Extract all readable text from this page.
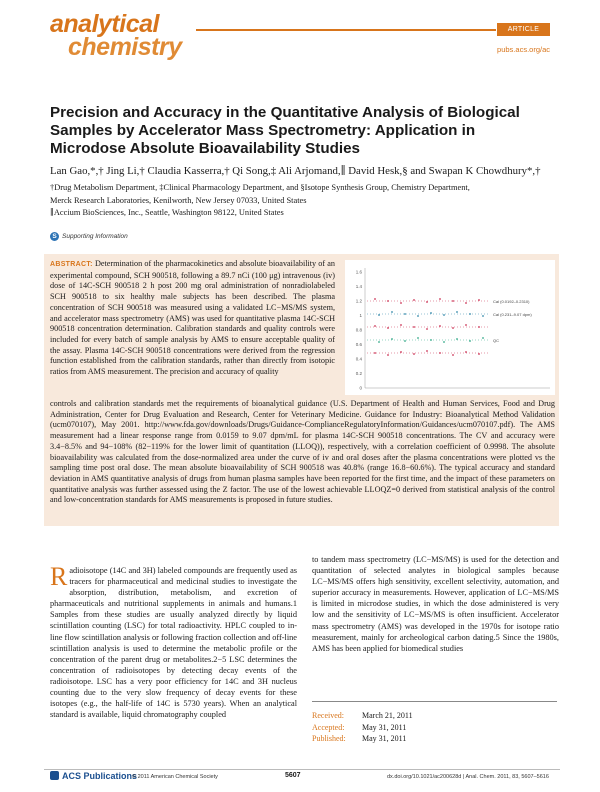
analytical
chemistry
ARTICLE
pubs.acs.org/ac
Precision and Accuracy in the Quantitative Analysis of Biological Samples by Accelerator Mass Spectrometry: Application in Microdose Absolute Bioavailability Studies
Lan Gao,*,† Jing Li,† Claudia Kasserra,† Qi Song,‡ Ali Arjomand,∥ David Hesk,§ and Swapan K Chowdhury*,†
†Drug Metabolism Department, ‡Clinical Pharmacology Department, and §Isotope Synthesis Group, Chemistry Department,
Merck Research Laboratories, Kenilworth, New Jersey 07033, United States
∥Accium BioSciences, Inc., Seattle, Washington 98122, United States
S Supporting Information
ABSTRACT: Determination of the pharmacokinetics and absolute bioavailability of an experimental compound, SCH 900518, following a 89.7 nCi (100 μg) intravenous (iv) dose of 14C-SCH 900518 2 h post 200 mg oral administration of nonradiolabeled SCH 900518 to six healthy male subjects has been described. The plasma concentration of SCH 900518 was measured using a validated LC−MS/MS system, and accelerator mass spectrometry (AMS) was used for quantitative plasma 14C-SCH 900518 concentration determination. Calibration standards and quality controls were included for every batch of sample analysis by AMS to ensure acceptable quality of the assay. Plasma 14C-SCH 900518 concentrations were derived from the regression function established from the calibration standards, rather than directly from isotopic ratios from AMS measurement. The precision and accuracy of quality
controls and calibration standards met the requirements of bioanalytical guidance (U.S. Department of Health and Human Services, Food and Drug Administration, Center for Drug Evaluation and Research, Center for Veterinary Medicine. Guidance for Industry: Bioanalytical Method Validation (ucm070107), May 2001. http://www.fda.gov/downloads/Drugs/Guidance-ComplianceRegulatoryInformation/Guidances/ucm070107.pdf). The AMS measurement had a linear response range from 0.0159 to 9.07 dpm/mL for plasma 14C-SCH 900518 concentrations. The CV and accuracy were 3.4−8.5% and 94−108% (82−119% for the lower limit of quantitation (LLOQ)), respectively, with a correlation coefficient of 0.9998. The absolute bioavailability was calculated from the dose-normalized area under the curve of iv and oral doses after the plasma concentrations were plotted vs the sampling time post oral dose. The mean absolute bioavailability of SCH 900518 was 40.8% (range 16.8−60.6%). The typical accuracy and standard deviation in AMS quantitative analysis of drugs from human plasma samples have been reported for the first time, and the impact of these parameters on quantitative analysis was further assessed using the Z factor. The use of the lowest achievable LLOQZ=0 derived from statistical analysis of the control and low-concentration standards for AMS measurements is proposed in future studies.
1.6
1.4
1.2
1
0.8
0.6
0.4
0.2
0
Cal (0.0192–0.2310)
Cal (0.231–9.07 dpm)
QC
Radioisotope (14C and 3H) labeled compounds are frequently used as tracers for pharmaceutical and medicinal studies to investigate the absorption, distribution, metabolism, and excretion of pharmaceuticals and nutritional supplements in animals and humans.1 Samples from these studies are usually analyzed directly by liquid scintillation counting (LSC) for total radioactivity. HPLC coupled to in-line flow scintillation analysis or following fraction collection and off-line scintillation analysis is used to determine the metabolic profile or the concentration of the parent drug or metabolites.2−5 LSC determines the concentration of radioisotopes by detecting decay events of the radioisotope. LSC has a very poor efficiency for 14C and 3H nucleus counting due to the very slow frequency of decay events for these isotopes (e.g., the half-life of 14C is 5730 years). When an analytical standard is available, liquid chromatography coupled
to tandem mass spectrometry (LC−MS/MS) is used for the detection and quantitation of selected analytes in biological samples because LC−MS/MS offers high sensitivity, excellent selectivity, automation, and superior accuracy in measurements. However, application of LC−MS/MS is limited in microdose studies, in which the dose administered is very low and the sensitivity of LC−MS/MS is often insufficient. Accelerator mass spectrometry (AMS) was developed in the 1970s for isotope ratio measurement, mainly for archeological carbon dating.5 Since the 1980s, AMS has been applied for biomedical studies
Received: March 21, 2011
Accepted: May 31, 2011
Published: May 31, 2011
ACS Publications
© 2011 American Chemical Society	5607	dx.doi.org/10.1021/ac200628d | Anal. Chem. 2011, 83, 5607–5616
